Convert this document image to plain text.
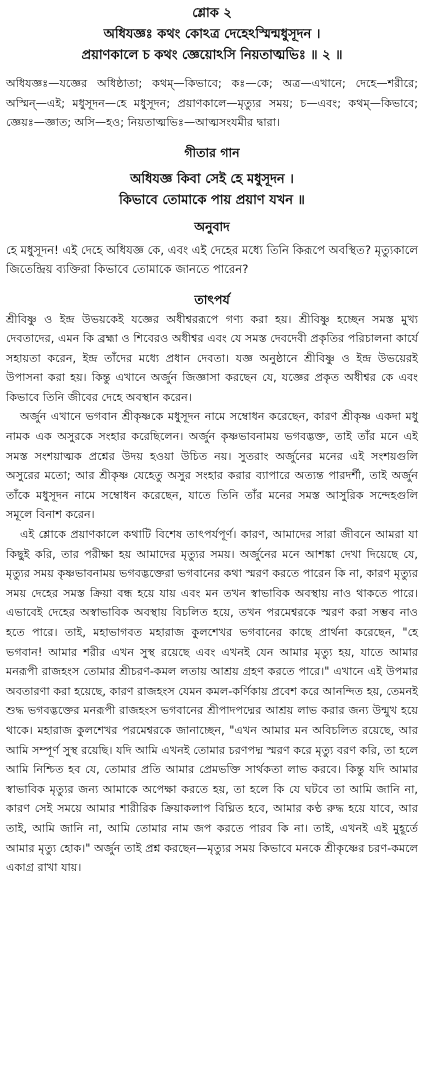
শ্লোক ২

অধিযজ্ঞঃ কথং কোঽত্র দেহেঽস্মিন্মধুসূদন ।

প্রয়াণকালে চ কথং জ্ঞেয়োঽসি নিয়তাত্মভিঃ ॥ ২ ॥

অধিযজ্ঞঃ—যজ্ঞের অধিষ্ঠাতা; কথম্—কিভাবে; কঃ—কে; অত্র—এখানে; দেহে—শরীরে; অস্মিন্—এই; মধুসূদন—হে মধুসূদন; প্রয়াণকালে—মৃত্যুর সময়; চ—এবং; কথম্—কিভাবে; জ্ঞেয়ঃ—জ্ঞাত; অসি—হও; নিয়তাত্মভিঃ—আত্মসংযমীর দ্বারা।

গীতার গান

অধিযজ্ঞ কিবা সেই হে মধুসূদন ।

কিভাবে তোমাকে পায় প্রয়াণ যখন ॥

অনুবাদ

হে মধুসূদন! এই দেহে অধিযজ্ঞ কে, এবং এই দেহের মধ্যে তিনি কিরূপে অবস্থিত? মৃত্যুকালে জিতেন্দ্রিয় ব্যক্তিরা কিভাবে তোমাকে জানতে পারেন?

তাৎপর্য

শ্রীবিষ্ণু ও ইন্দ্র উভয়কেই যজ্ঞের অধীশ্বররূপে গণ্য করা হয়। শ্রীবিষ্ণু হচ্ছেন সমস্ত মুখ্য দেবতাদের, এমন কি ব্রহ্মা ও শিবেরও অধীশ্বর এবং যে সমস্ত দেবদেবী প্রকৃতির পরিচালনা কার্যে সহায়তা করেন, ইন্দ্র তাঁদের মধ্যে প্রধান দেবতা। যজ্ঞ অনুষ্ঠানে শ্রীবিষ্ণু ও ইন্দ্র উভয়েরই উপাসনা করা হয়। কিন্তু এখানে অর্জুন জিজ্ঞাসা করছেন যে, যজ্ঞের প্রকৃত অধীশ্বর কে এবং কিভাবে তিনি জীবের দেহে অবস্থান করেন।

অর্জুন এখানে ভগবান শ্রীকৃষ্ণকে মধুসূদন নামে সম্বোধন করেছেন, কারণ শ্রীকৃষ্ণ একদা মধু নামক এক অসুরকে সংহার করেছিলেন। অর্জুন কৃষ্ণভাবনাময় ভগবদ্ভক্ত, তাই তাঁর মনে এই সমস্ত সংশয়াত্মক প্রশ্নের উদয় হওয়া উচিত নয়। সুতরাং অর্জুনের মনের এই সংশয়গুলি অসুরের মতো; আর শ্রীকৃষ্ণ যেহেতু অসুর সংহার করার ব্যাপারে অত্যন্ত পারদর্শী, তাই অর্জুন তাঁকে মধুসূদন নামে সম্বোধন করেছেন, যাতে তিনি তাঁর মনের সমস্ত আসুরিক সন্দেহগুলি সমূলে বিনাশ করেন।

এই শ্লোকে প্রয়াণকালে কথাটি বিশেষ তাৎপর্যপূর্ণ। কারণ, আমাদের সারা জীবনে আমরা যা কিছুই করি, তার পরীক্ষা হয় আমাদের মৃত্যুর সময়। অর্জুনের মনে আশঙ্কা দেখা দিয়েছে যে, মৃত্যুর সময় কৃষ্ণভাবনাময় ভগবদ্ভক্তেরা ভগবানের কথা স্মরণ করতে পারেন কি না, কারণ মৃত্যুর সময় দেহের সমস্ত ক্রিয়া বন্ধ হয়ে যায় এবং মন তখন স্বাভাবিক অবস্থায় নাও থাকতে পারে। এভাবেই দেহের অস্বাভাবিক অবস্থায় বিচলিত হয়ে, তখন পরমেশ্বরকে স্মরণ করা সম্ভব নাও হতে পারে। তাই, মহাভাগবত মহারাজ কুলশেখর ভগবানের কাছে প্রার্থনা করেছেন, "হে ভগবান! আমার শরীর এখন সুস্থ রয়েছে এবং এখনই যেন আমার মৃত্যু হয়, যাতে আমার মনরূপী রাজহংস তোমার শ্রীচরণ-কমল লতায় আশ্রয় গ্রহণ করতে পারে।" এখানে এই উপমার অবতারণা করা হয়েছে, কারণ রাজহংস যেমন কমল-কর্ণিকায় প্রবেশ করে আনন্দিত হয়, তেমনই শুদ্ধ ভগবদ্ভক্তের মনরূপী রাজহংস ভগবানের শ্রীপাদপদ্মের আশ্রয় লাভ করার জন্য উন্মুখ হয়ে থাকে। মহারাজ কুলশেখর পরমেশ্বরকে জানাচ্ছেন, "এখন আমার মন অবিচলিত রয়েছে, আর আমি সম্পূর্ণ সুস্থ রয়েছি। যদি আমি এখনই তোমার চরণপদ্ম স্মরণ করে মৃত্যু বরণ করি, তা হলে আমি নিশ্চিত হব যে, তোমার প্রতি আমার প্রেমভক্তি সার্থকতা লাভ করবে। কিন্তু যদি আমার স্বাভাবিক মৃত্যুর জন্য আমাকে অপেক্ষা করতে হয়, তা হলে কি যে ঘটবে তা আমি জানি না, কারণ সেই সময়ে আমার শারীরিক ক্রিয়াকলাপ বিঘ্নিত হবে, আমার কণ্ঠ রুদ্ধ হয়ে যাবে, আর তাই, আমি জানি না, আমি তোমার নাম জপ করতে পারব কি না। তাই, এখনই এই মুহূর্তে আমার মৃত্যু হোক।" অর্জুন তাই প্রশ্ন করছেন—মৃত্যুর সময় কিভাবে মনকে শ্রীকৃষ্ণের চরণ-কমলে একাগ্র রাখা যায়।
